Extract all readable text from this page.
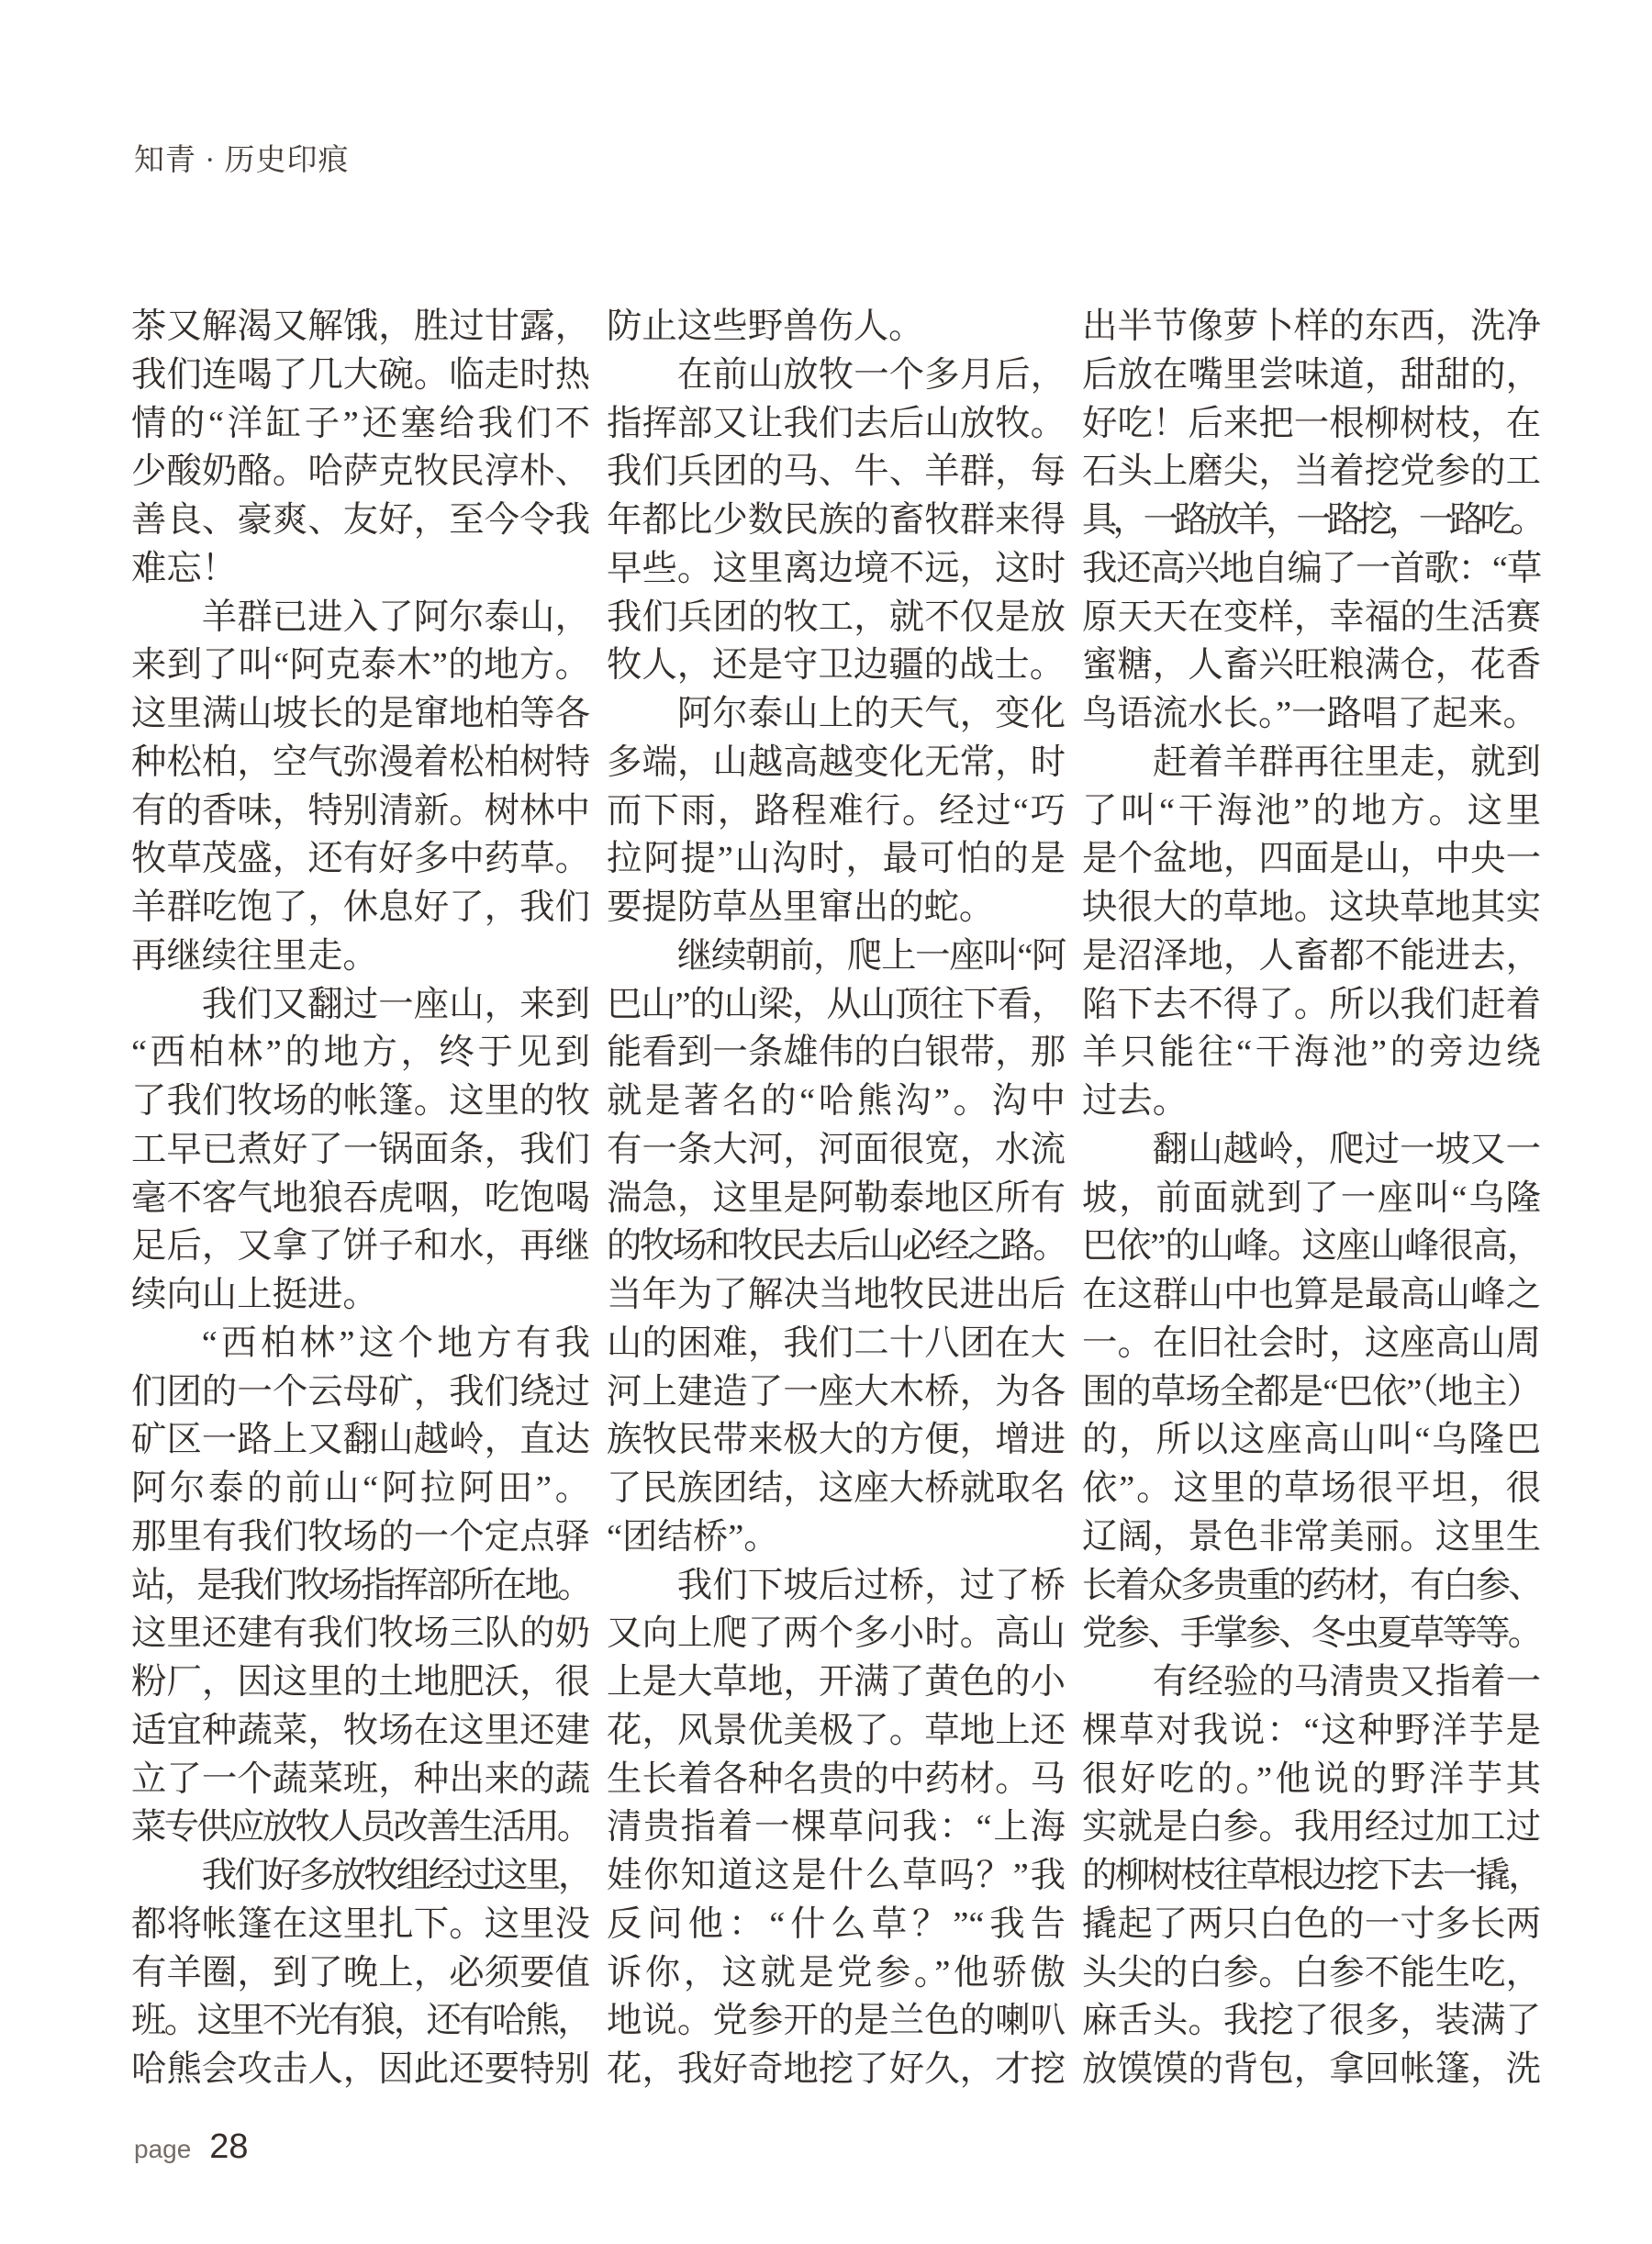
知青 · 历史印痕
茶又解渴又解饿，胜过甘露，
我们连喝了几大碗。临走时热
情的“洋缸子”还塞给我们不
少酸奶酪。哈萨克牧民淳朴、
善良、豪爽、友好，至今令我
难忘！
羊群已进入了阿尔泰山，
来到了叫“阿克泰木”的地方。
这里满山坡长的是窜地柏等各
种松柏，空气弥漫着松柏树特
有的香味，特别清新。树林中
牧草茂盛，还有好多中药草。
羊群吃饱了，休息好了，我们
再继续往里走。
我们又翻过一座山，来到
“西柏林”的地方，终于见到
了我们牧场的帐篷。这里的牧
工早已煮好了一锅面条，我们
毫不客气地狼吞虎咽，吃饱喝
足后，又拿了饼子和水，再继
续向山上挺进。
“西柏林”这个地方有我
们团的一个云母矿，我们绕过
矿区一路上又翻山越岭，直达
阿尔泰的前山“阿拉阿田”。
那里有我们牧场的一个定点驿
站，是我们牧场指挥部所在地。
这里还建有我们牧场三队的奶
粉厂，因这里的土地肥沃，很
适宜种蔬菜，牧场在这里还建
立了一个蔬菜班，种出来的蔬
菜专供应放牧人员改善生活用。
我们好多放牧组经过这里，
都将帐篷在这里扎下。这里没
有羊圈，到了晚上，必须要值
班。这里不光有狼，还有哈熊，
哈熊会攻击人，因此还要特别
防止这些野兽伤人。
在前山放牧一个多月后，
指挥部又让我们去后山放牧。
我们兵团的马、牛、羊群，每
年都比少数民族的畜牧群来得
早些。这里离边境不远，这时
我们兵团的牧工，就不仅是放
牧人，还是守卫边疆的战士。
阿尔泰山上的天气，变化
多端，山越高越变化无常，时
而下雨，路程难行。经过“巧
拉阿提”山沟时，最可怕的是
要提防草丛里窜出的蛇。
继续朝前，爬上一座叫“阿
巴山”的山梁，从山顶往下看，
能看到一条雄伟的白银带，那
就是著名的“哈熊沟”。沟中
有一条大河，河面很宽，水流
湍急，这里是阿勒泰地区所有
的牧场和牧民去后山必经之路。
当年为了解决当地牧民进出后
山的困难，我们二十八团在大
河上建造了一座大木桥，为各
族牧民带来极大的方便，增进
了民族团结，这座大桥就取名
“团结桥”。
我们下坡后过桥，过了桥
又向上爬了两个多小时。高山
上是大草地，开满了黄色的小
花，风景优美极了。草地上还
生长着各种名贵的中药材。马
清贵指着一棵草问我：“上海
娃你知道这是什么草吗？”我
反问他：“什么草？”“我告
诉你，这就是党参。”他骄傲
地说。党参开的是兰色的喇叭
花，我好奇地挖了好久，才挖
出半节像萝卜样的东西，洗净
后放在嘴里尝味道，甜甜的，
好吃！后来把一根柳树枝，在
石头上磨尖，当着挖党参的工
具，一路放羊，一路挖，一路吃。
我还高兴地自编了一首歌：“草
原天天在变样，幸福的生活赛
蜜糖，人畜兴旺粮满仓，花香
鸟语流水长。”一路唱了起来。
赶着羊群再往里走，就到
了叫“干海池”的地方。这里
是个盆地，四面是山，中央一
块很大的草地。这块草地其实
是沼泽地，人畜都不能进去，
陷下去不得了。所以我们赶着
羊只能往“干海池”的旁边绕
过去。
翻山越岭，爬过一坡又一
坡，前面就到了一座叫“乌隆
巴依”的山峰。这座山峰很高，
在这群山中也算是最高山峰之
一。在旧社会时，这座高山周
围的草场全都是“巴依”（地主）
的，所以这座高山叫“乌隆巴
依”。这里的草场很平坦，很
辽阔，景色非常美丽。这里生
长着众多贵重的药材，有白参、
党参、手掌参、冬虫夏草等等。
有经验的马清贵又指着一
棵草对我说：“这种野洋芋是
很好吃的。”他说的野洋芋其
实就是白参。我用经过加工过
的柳树枝往草根边挖下去一撬，
撬起了两只白色的一寸多长两
头尖的白参。白参不能生吃，
麻舌头。我挖了很多，装满了
放馍馍的背包，拿回帐篷，洗
page 28
